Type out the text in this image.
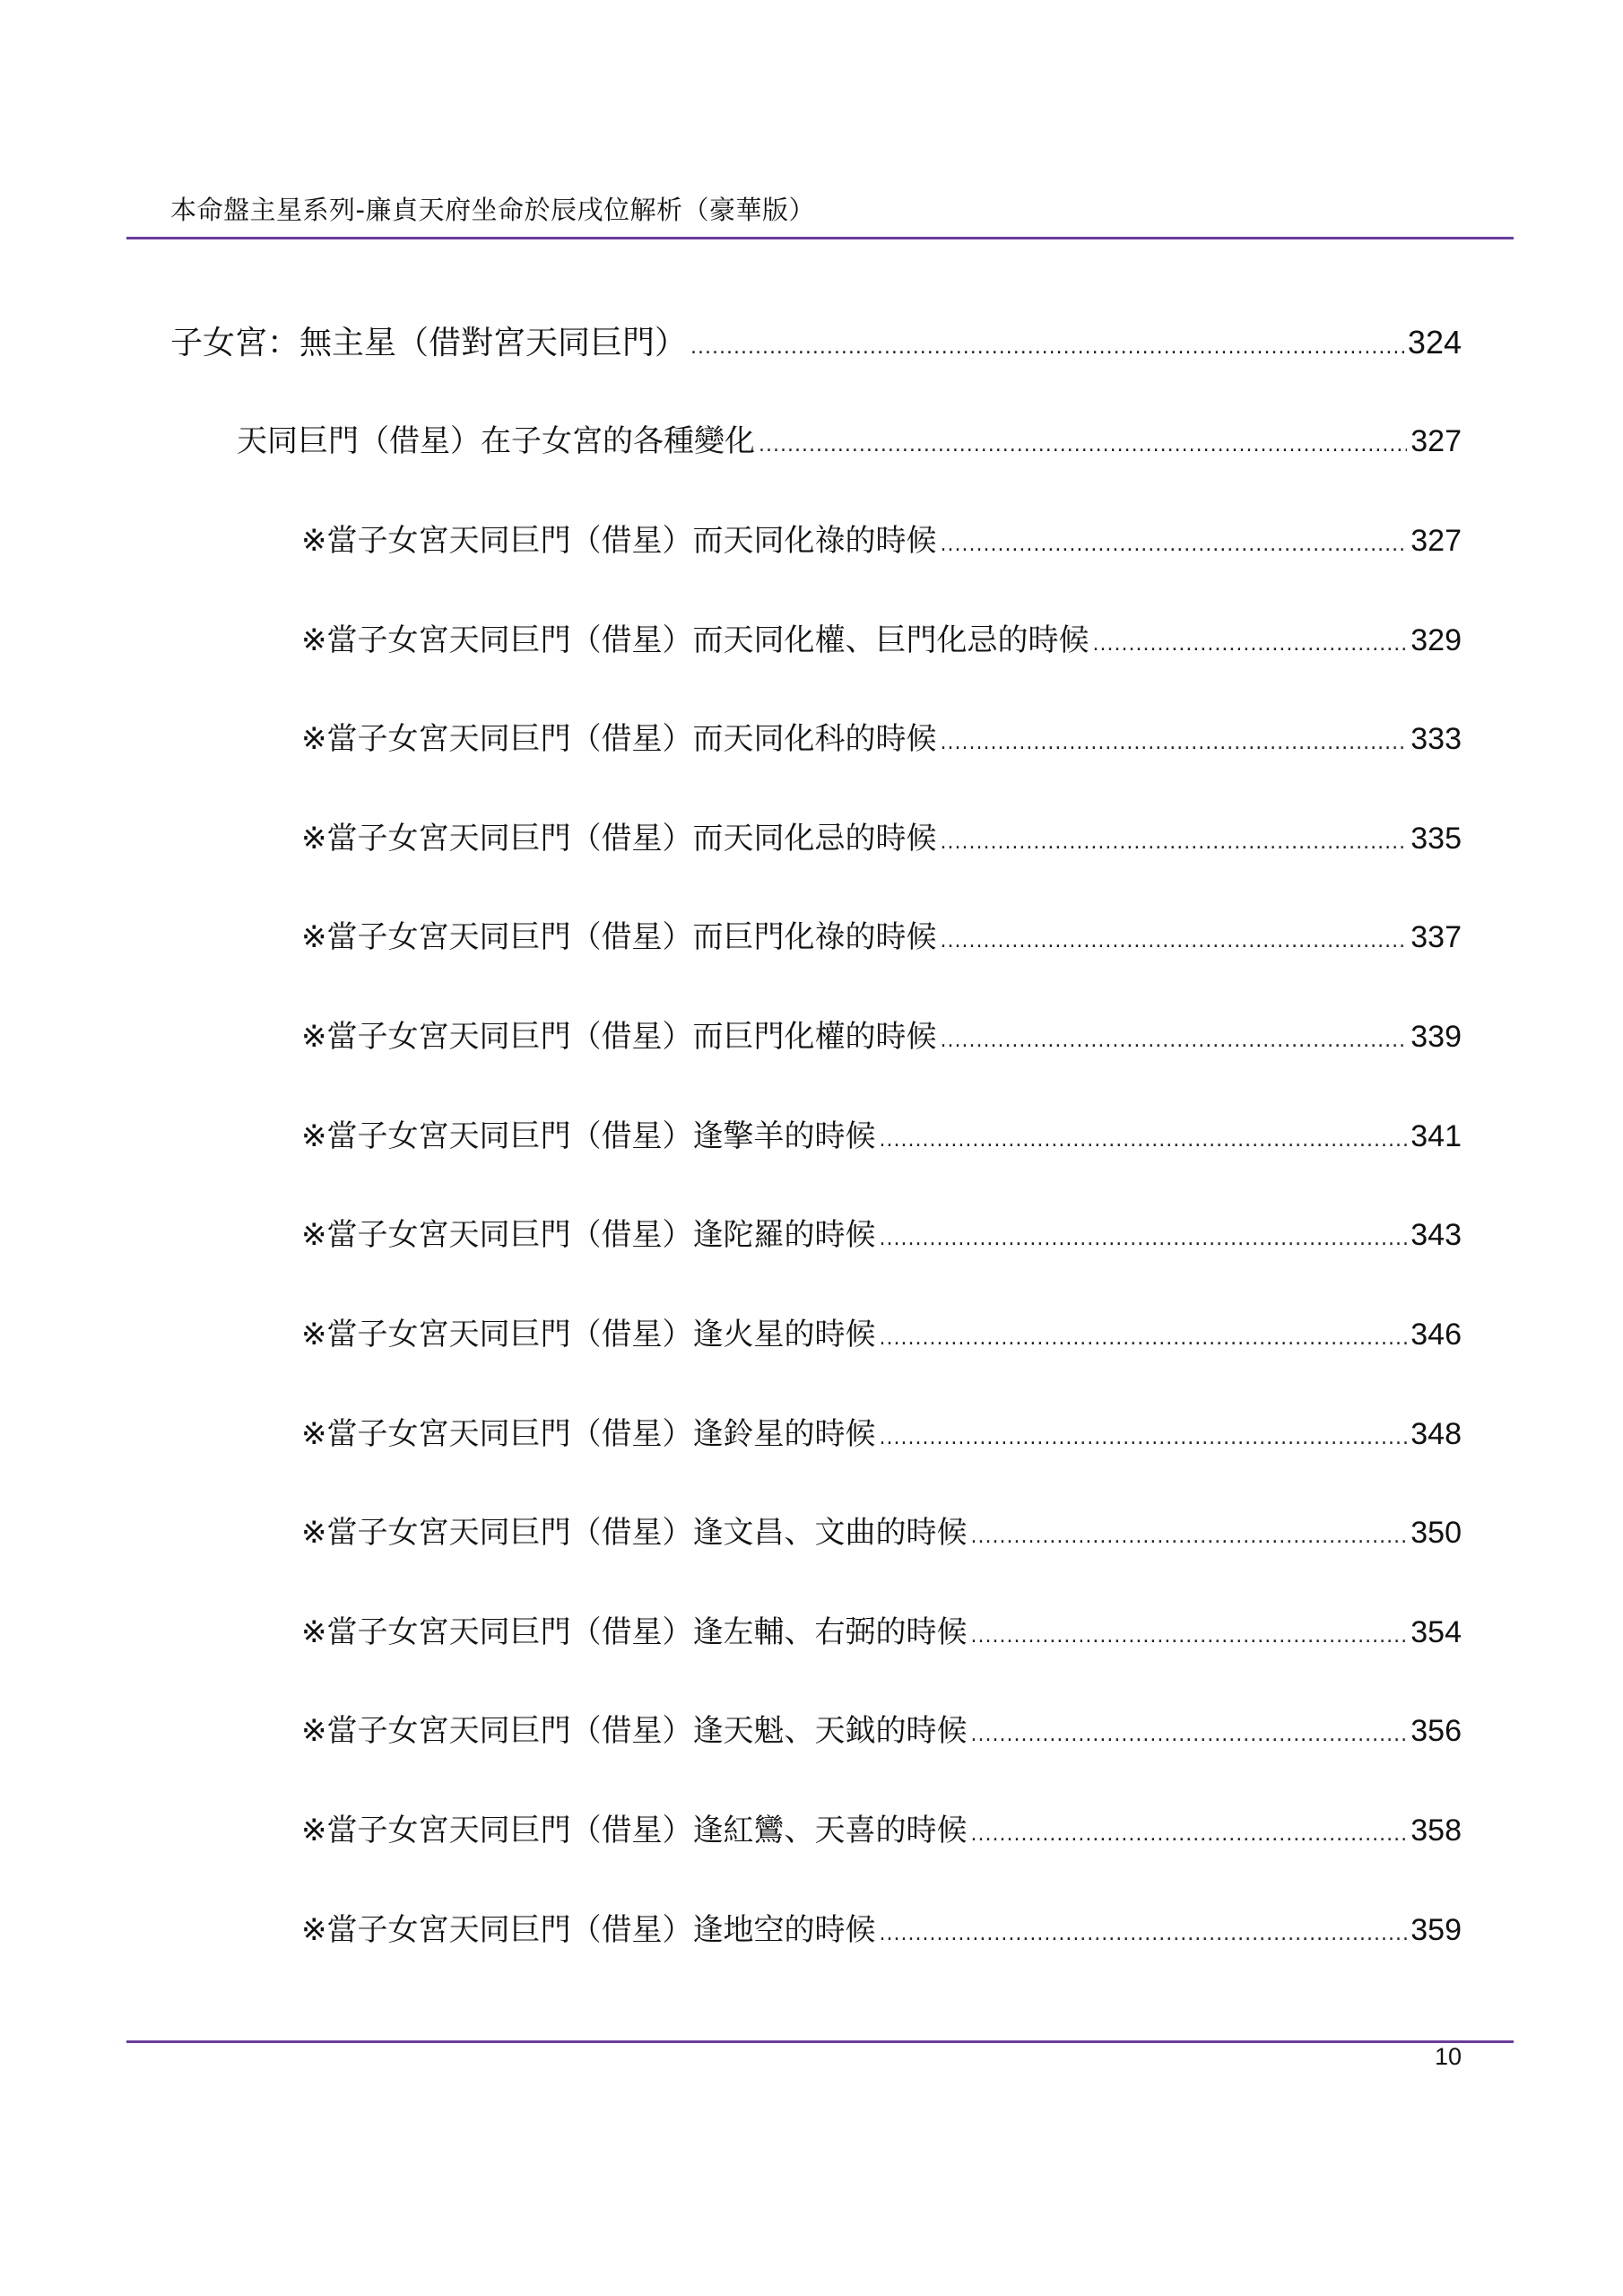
本命盤主星系列-廉貞天府坐命於辰戌位解析（豪華版）
子女宮：無主星（借對宮天同巨門） .....	324
天同巨門（借星）在子女宮的各種變化 .....	327
※當子女宮天同巨門（借星）而天同化祿的時候 .....	327
※當子女宮天同巨門（借星）而天同化權、巨門化忌的時候 .....	329
※當子女宮天同巨門（借星）而天同化科的時候 .....	333
※當子女宮天同巨門（借星）而天同化忌的時候 .....	335
※當子女宮天同巨門（借星）而巨門化祿的時候 .....	337
※當子女宮天同巨門（借星）而巨門化權的時候 .....	339
※當子女宮天同巨門（借星）逢擎羊的時候 .....	341
※當子女宮天同巨門（借星）逢陀羅的時候 .....	343
※當子女宮天同巨門（借星）逢火星的時候 .....	346
※當子女宮天同巨門（借星）逢鈴星的時候 .....	348
※當子女宮天同巨門（借星）逢文昌、文曲的時候 .....	350
※當子女宮天同巨門（借星）逢左輔、右弼的時候 .....	354
※當子女宮天同巨門（借星）逢天魁、天鉞的時候 .....	356
※當子女宮天同巨門（借星）逢紅鸞、天喜的時候 .....	358
※當子女宮天同巨門（借星）逢地空的時候 .....	359
10
